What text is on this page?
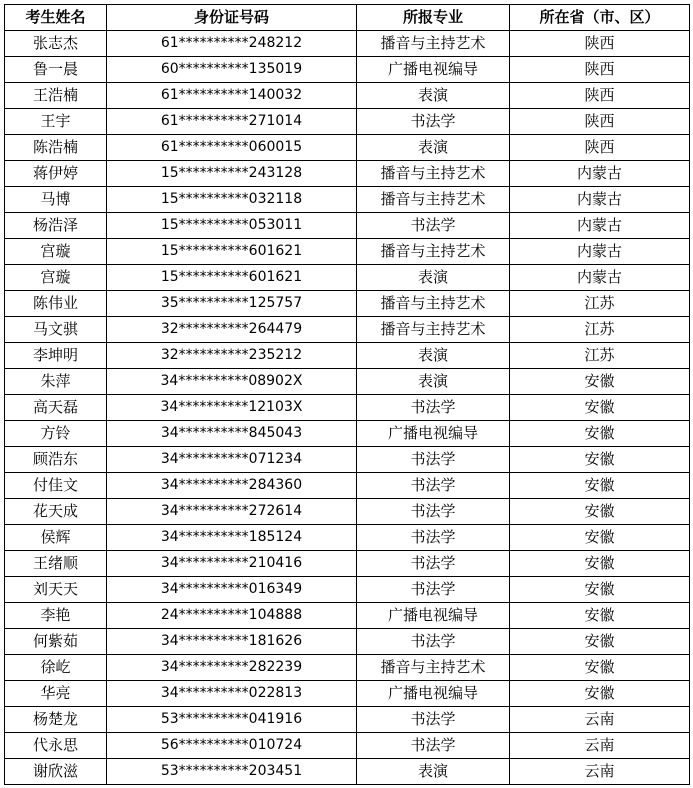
考生姓名	身份证号码	所报专业	所在省（市、区）
张志杰	61**********248212	播音与主持艺术	陕西
鲁一晨	60**********135019	广播电视编导	陕西
王浩楠	61**********140032	表演	陕西
王宇	61**********271014	书法学	陕西
陈浩楠	61**********060015	表演	陕西
蒋伊婷	15**********243128	播音与主持艺术	内蒙古
马博	15**********032118	播音与主持艺术	内蒙古
杨浩泽	15**********053011	书法学	内蒙古
宫璇	15**********601621	播音与主持艺术	内蒙古
宫璇	15**********601621	表演	内蒙古
陈伟业	35**********125757	播音与主持艺术	江苏
马文骐	32**********264479	播音与主持艺术	江苏
李坤明	32**********235212	表演	江苏
朱萍	34**********08902X	表演	安徽
高天磊	34**********12103X	书法学	安徽
方铃	34**********845043	广播电视编导	安徽
顾浩东	34**********071234	书法学	安徽
付佳文	34**********284360	书法学	安徽
花天成	34**********272614	书法学	安徽
侯辉	34**********185124	书法学	安徽
王绪顺	34**********210416	书法学	安徽
刘天天	34**********016349	书法学	安徽
李艳	24**********104888	广播电视编导	安徽
何紫茹	34**********181626	书法学	安徽
徐屹	34**********282239	播音与主持艺术	安徽
华亮	34**********022813	广播电视编导	安徽
杨楚龙	53**********041916	书法学	云南
代永思	56**********010724	书法学	云南
谢欣滋	53**********203451	表演	云南
